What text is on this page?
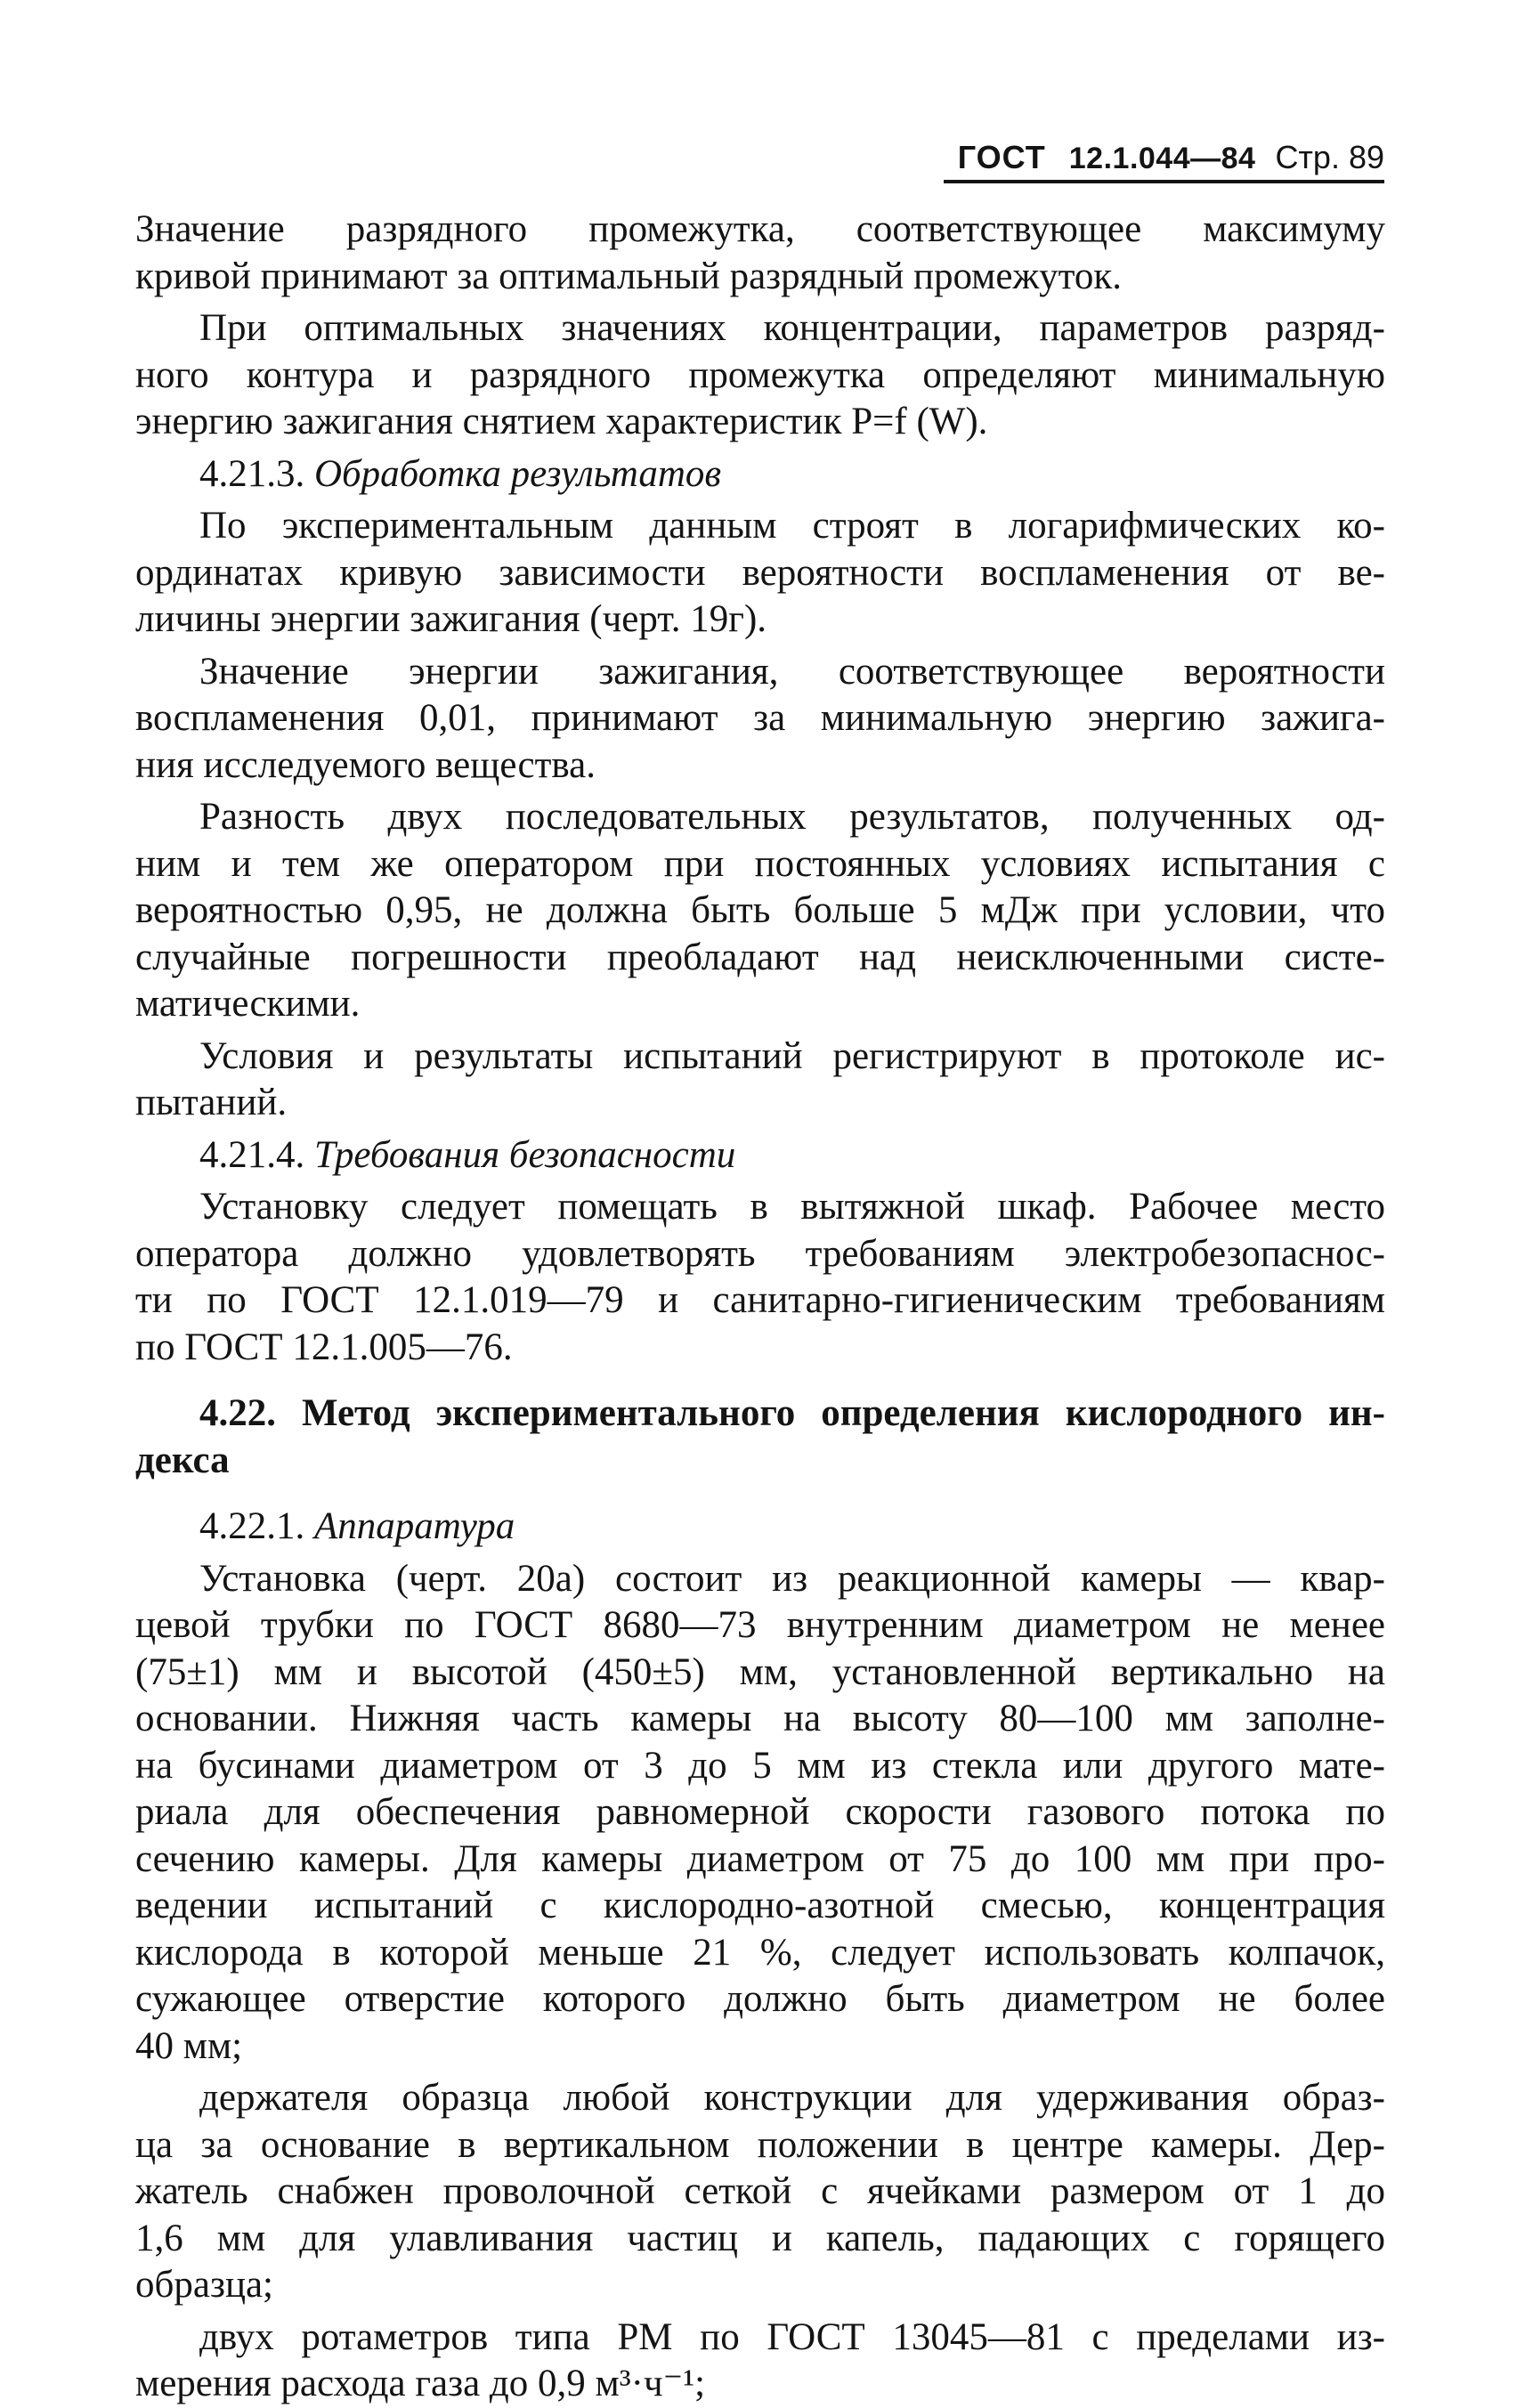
ГОСТ 12.1.044—84 Стр. 89
Значение разрядного промежутка, соответствующее максимуму
кривой принимают за оптимальный разрядный промежуток.
При оптимальных значениях концентрации, параметров разряд-
ного контура и разрядного промежутка определяют минимальную
энергию зажигания снятием характеристик P=f (W).
4.21.3. Обработка результатов
По экспериментальным данным строят в логарифмических ко-
ординатах кривую зависимости вероятности воспламенения от ве-
личины энергии зажигания (черт. 19г).
Значение энергии зажигания, соответствующее вероятности
воспламенения 0,01, принимают за минимальную энергию зажига-
ния исследуемого вещества.
Разность двух последовательных результатов, полученных од-
ним и тем же оператором при постоянных условиях испытания с
вероятностью 0,95, не должна быть больше 5 мДж при условии, что
случайные погрешности преобладают над неисключенными систе-
матическими.
Условия и результаты испытаний регистрируют в протоколе ис-
пытаний.
4.21.4. Требования безопасности
Установку следует помещать в вытяжной шкаф. Рабочее место
оператора должно удовлетворять требованиям электробезопаснос-
ти по ГОСТ 12.1.019—79 и санитарно-гигиеническим требованиям
по ГОСТ 12.1.005—76.
4.22. Метод экспериментального определения кислородного ин-
декса
4.22.1. Аппаратура
Установка (черт. 20а) состоит из реакционной камеры — квар-
цевой трубки по ГОСТ 8680—73 внутренним диаметром не менее
(75±1) мм и высотой (450±5) мм, установленной вертикально на
основании. Нижняя часть камеры на высоту 80—100 мм заполне-
на бусинами диаметром от 3 до 5 мм из стекла или другого мате-
риала для обеспечения равномерной скорости газового потока по
сечению камеры. Для камеры диаметром от 75 до 100 мм при про-
ведении испытаний с кислородно-азотной смесью, концентрация
кислорода в которой меньше 21 %, следует использовать колпачок,
сужающее отверстие которого должно быть диаметром не более
40 мм;
держателя образца любой конструкции для удерживания образ-
ца за основание в вертикальном положении в центре камеры. Дер-
жатель снабжен проволочной сеткой с ячейками размером от 1 до
1,6 мм для улавливания частиц и капель, падающих с горящего
образца;
двух ротаметров типа РМ по ГОСТ 13045—81 с пределами из-
мерения расхода газа до 0,9 м³·ч⁻¹;
